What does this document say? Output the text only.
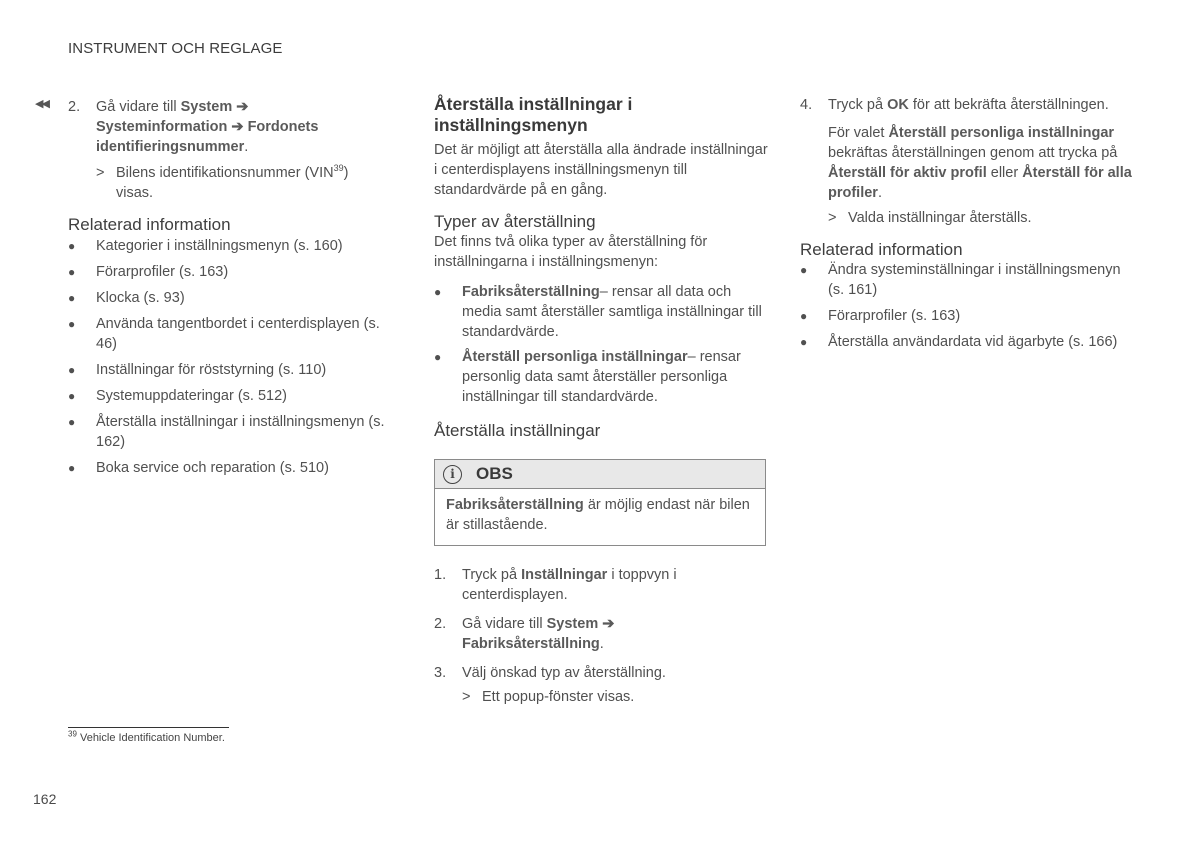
INSTRUMENT OCH REGLAGE
◀◀ 2.	Gå vidare till System ➔
Systeminformation ➔ Fordonets identifieringsnummer.
> Bilens identifikationsnummer (VIN$^{39}$) visas.
Relaterad information
●	Kategorier i inställningsmenyn (s. 160)
●	Förarprofiler (s. 163)
●	Klocka (s. 93)
●	Använda tangentbordet i centerdisplayen (s. 46)
●	Inställningar för röststyrning (s. 110)
●	Systemuppdateringar (s. 512)
●	Återställa inställningar i inställningsmenyn (s. 162)
●	Boka service och reparation (s. 510)
Återställa inställningar i inställningsmenyn

Det är möjligt att återställa alla ändrade inställningar i centerdisplayens inställningsmenyn till standardvärde på en gång.

Typer av återställning

Det finns två olika typer av återställning för inställningarna i inställningsmenyn:

●	Fabriksåterställning– rensar all data och media samt återställer samtliga inställningar till standardvärde.
●	Återställ personliga inställningar– rensar personlig data samt återställer personliga inställningar till standardvärde.
Återställa inställningar
i	OBS
Fabriksåterställning är möjlig endast när bilen är stillastående.
1.	Tryck på Inställningar i toppvyn i centerdisplayen.
2.	Gå vidare till System ➔
Fabriksåterställning.
3.	Välj önskad typ av återställning.
> Ett popup-fönster visas.
4.	Tryck på OK för att bekräfta återställningen.

För valet Återställ personliga inställningar bekräftas återställningen genom att trycka på Återställ för aktiv profil eller Återställ för alla profiler.

> Valda inställningar återställs.
Relaterad information
●	Ändra systeminställningar i inställningsmenyn (s. 161)
●	Förarprofiler (s. 163)
●	Återställa användardata vid ägarbyte (s. 166)
$^{39}$ Vehicle Identification Number.
162
